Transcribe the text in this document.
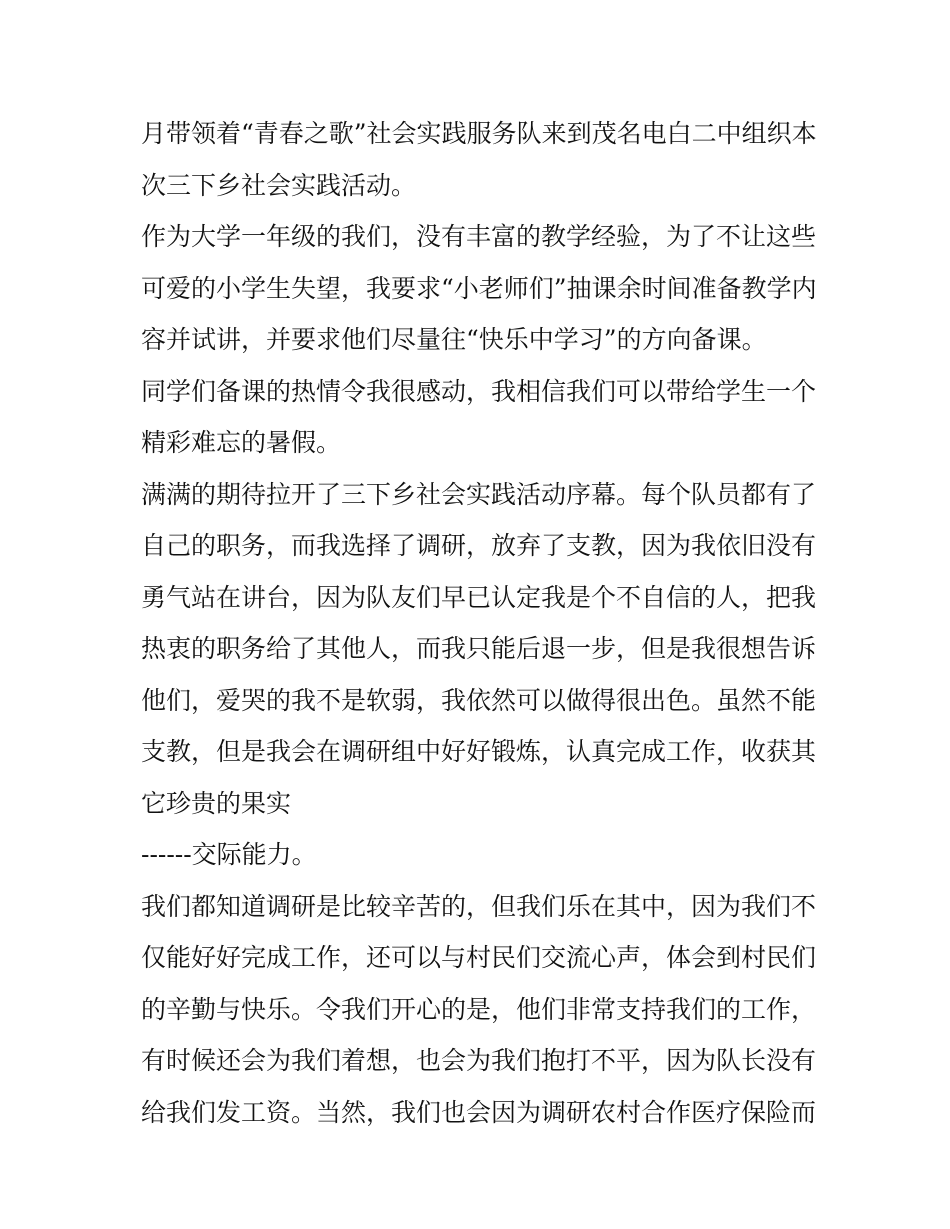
月带领着“青春之歌”社会实践服务队来到茂名电白二中组织本
次三下乡社会实践活动。
作为大学一年级的我们，没有丰富的教学经验，为了不让这些
可爱的小学生失望，我要求“小老师们”抽课余时间准备教学内
容并试讲，并要求他们尽量往“快乐中学习”的方向备课。
同学们备课的热情令我很感动，我相信我们可以带给学生一个
精彩难忘的暑假。
满满的期待拉开了三下乡社会实践活动序幕。每个队员都有了
自己的职务，而我选择了调研，放弃了支教，因为我依旧没有
勇气站在讲台，因为队友们早已认定我是个不自信的人，把我
热衷的职务给了其他人，而我只能后退一步，但是我很想告诉
他们，爱哭的我不是软弱，我依然可以做得很出色。虽然不能
支教，但是我会在调研组中好好锻炼，认真完成工作，收获其
它珍贵的果实
------交际能力。
我们都知道调研是比较辛苦的，但我们乐在其中，因为我们不
仅能好好完成工作，还可以与村民们交流心声，体会到村民们
的辛勤与快乐。令我们开心的是，他们非常支持我们的工作，
有时候还会为我们着想，也会为我们抱打不平，因为队长没有
给我们发工资。当然，我们也会因为调研农村合作医疗保险而
